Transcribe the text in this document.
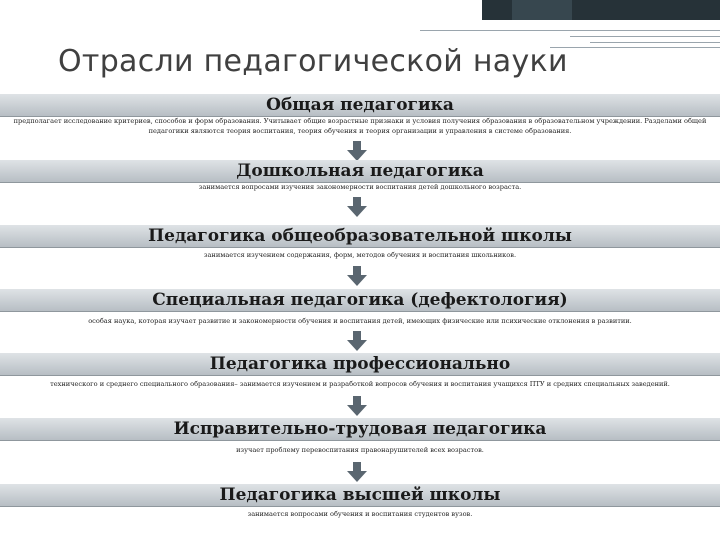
Отрасли педагогической науки
Общая педагогика
предполагает исследование критериев, способов и форм образования. Учитывает общие возрастные признаки и условия получения образования в образовательном учреждении. Разделами общей педагогики являются теория воспитания, теория обучения и теория организации и управления в системе образования.
Дошкольная педагогика
занимается вопросами изучения закономерности воспитания детей дошкольного возраста.
Педагогика общеобразовательной школы
занимается изучением содержания, форм, методов обучения и воспитания школьников.
Специальная педагогика (дефектология)
особая наука, которая изучает развитие и закономерности обучения и воспитания детей, имеющих физические или психические отклонения в развитии.
Педагогика профессионально
технического и среднего специального образования– занимается изучением и разработкой вопросов обучения и воспитания учащихся ПТУ и средних специальных заведений.
Исправительно-трудовая педагогика
изучает проблему перевоспитания правонарушителей всех возрастов.
Педагогика высшей школы
занимается вопросами обучения и воспитания студентов вузов.
